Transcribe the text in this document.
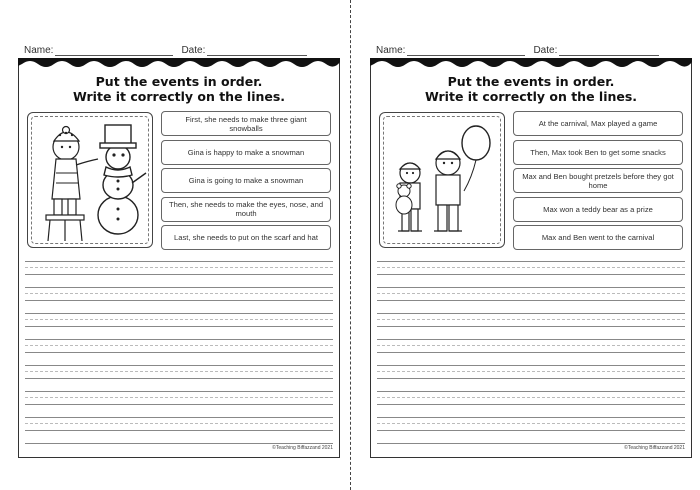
Name:	Date:
Put the events in order.
Write it correctly on the lines.
First, she needs to make three giant snowballs
Gina is happy to make a snowman
Gina is going to make a snowman
Then, she needs to make the eyes, nose, and mouth
Last, she needs to put on the scarf and hat
©Teaching Biffazzand 2021
Name:	Date:
Put the events in order.
Write it correctly on the lines.
At the carnival, Max played a game
Then, Max took Ben to get some snacks
Max and Ben bought pretzels before they got home
Max won a teddy bear as a prize
Max and Ben went to the carnival
©Teaching Biffazzand 2021
